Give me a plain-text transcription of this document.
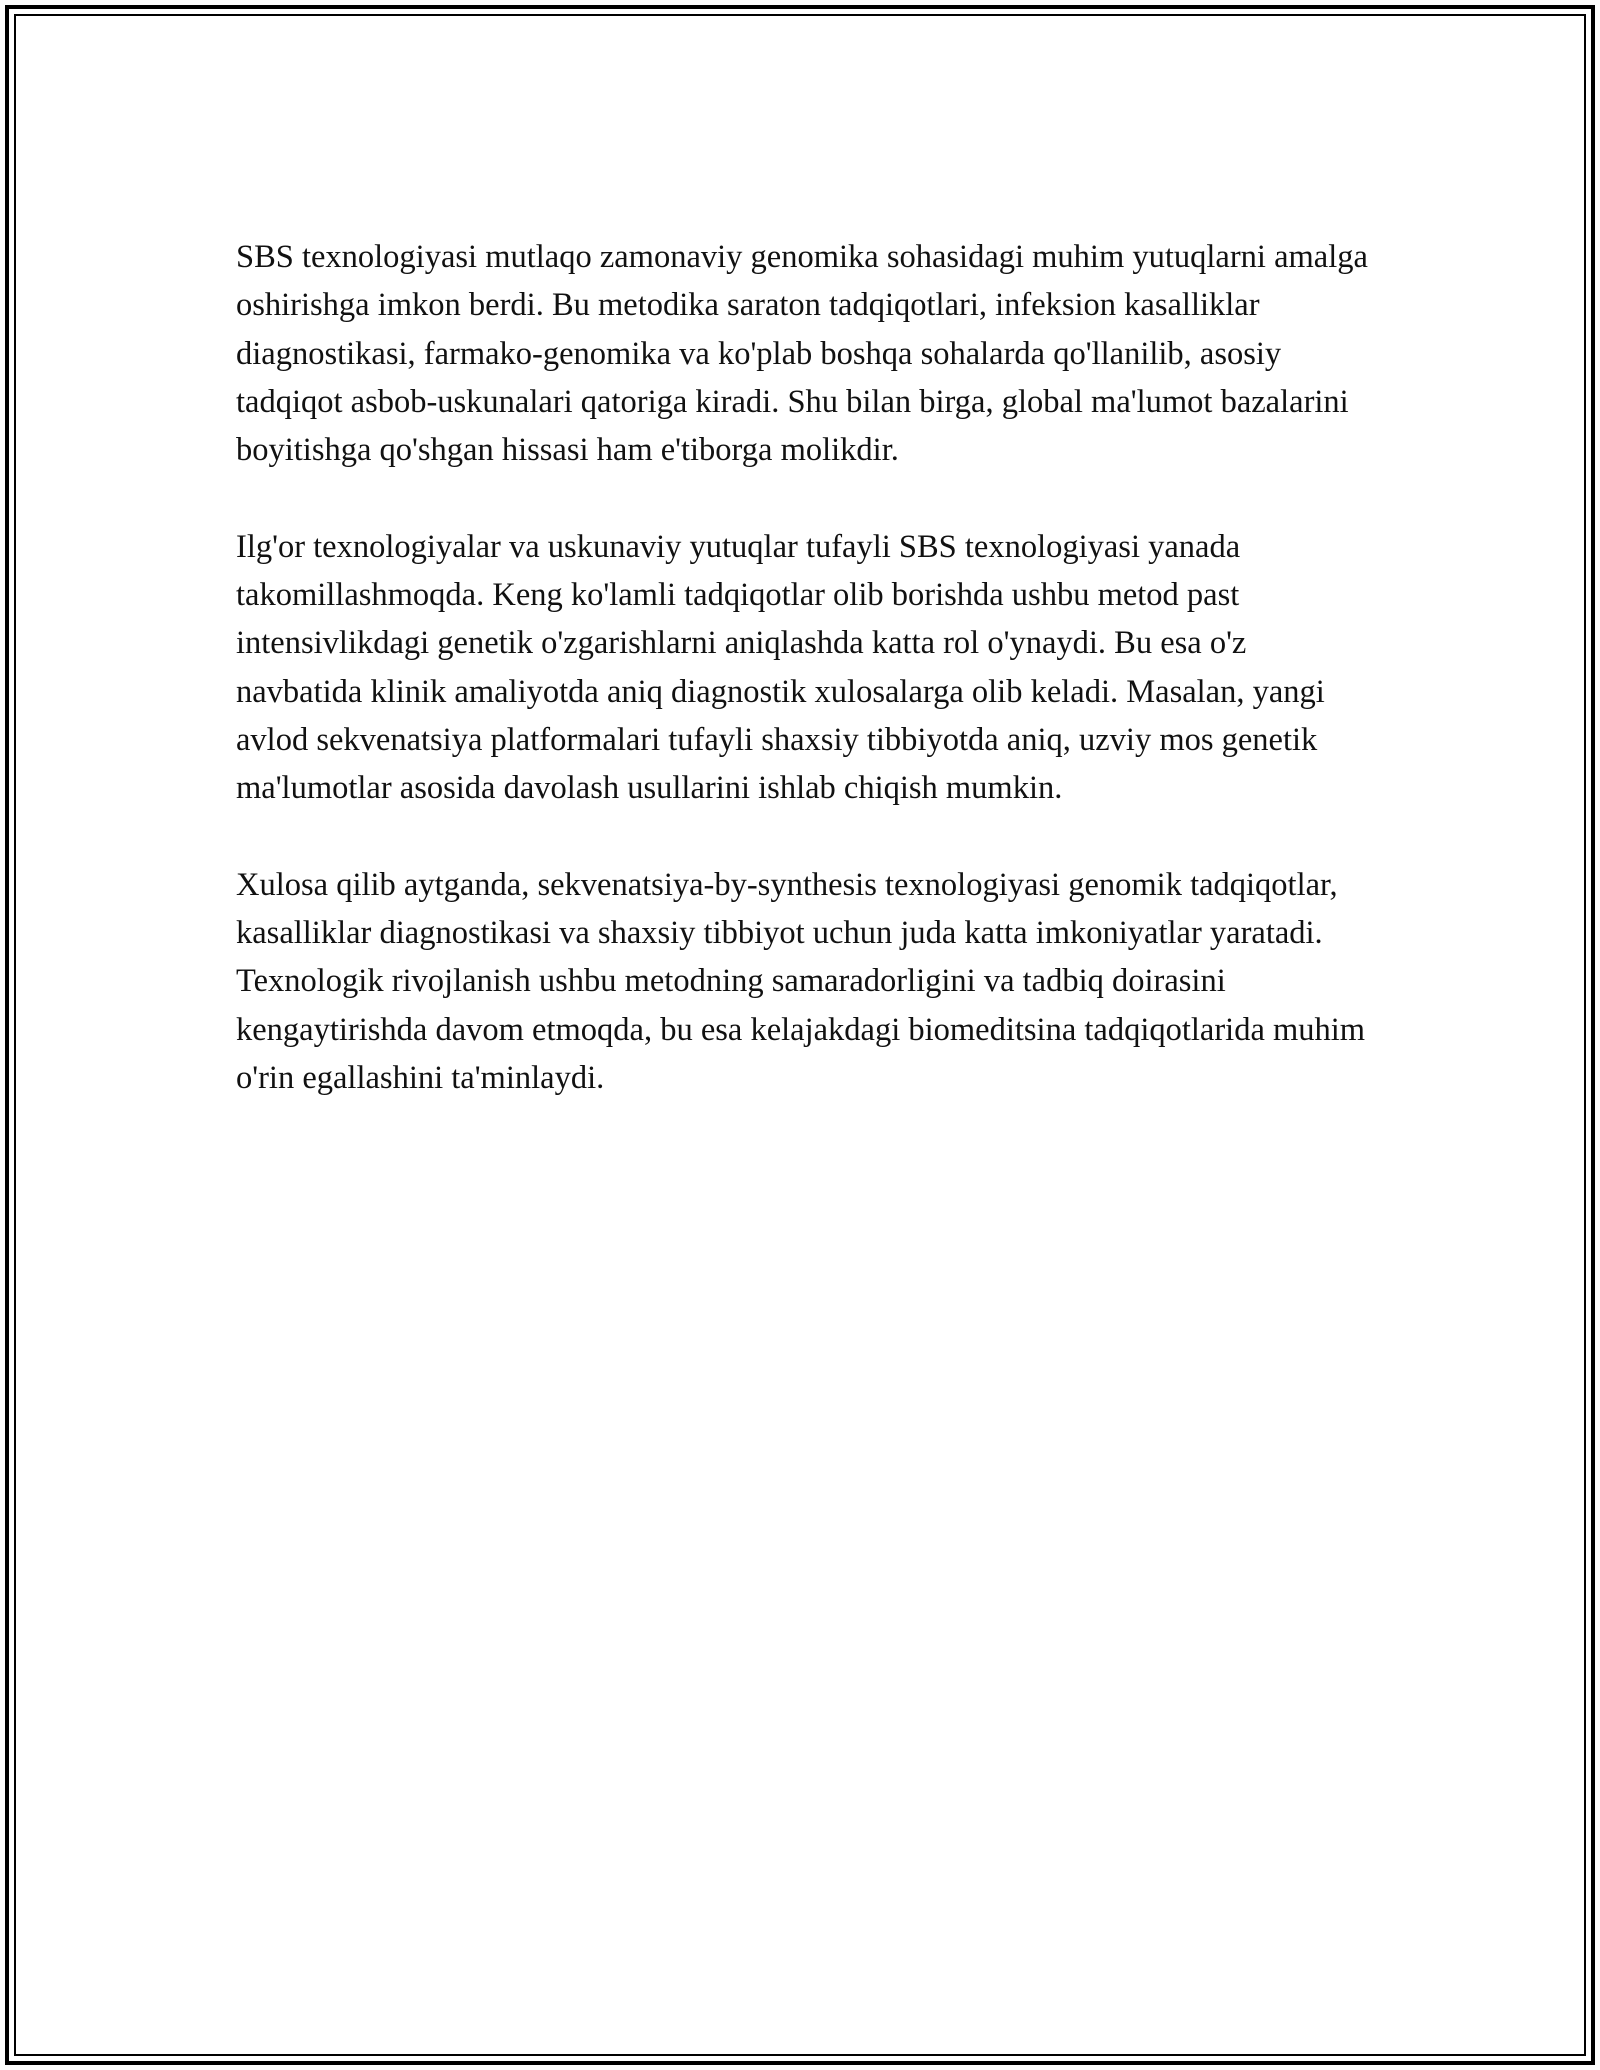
SBS texnologiyasi mutlaqo zamonaviy genomika sohasidagi muhim yutuqlarni amalga oshirishga imkon berdi. Bu metodika saraton tadqiqotlari, infeksion kasalliklar diagnostikasi, farmako-genomika va ko'plab boshqa sohalarda qo'llanilib, asosiy tadqiqot asbob-uskunalari qatoriga kiradi. Shu bilan birga, global ma'lumot bazalarini boyitishga qo'shgan hissasi ham e'tiborga molikdir.

Ilg'or texnologiyalar va uskunaviy yutuqlar tufayli SBS texnologiyasi yanada takomillashmoqda. Keng ko'lamli tadqiqotlar olib borishda ushbu metod past intensivlikdagi genetik o'zgarishlarni aniqlashda katta rol o'ynaydi. Bu esa o'z navbatida klinik amaliyotda aniq diagnostik xulosalarga olib keladi. Masalan, yangi avlod sekvenatsiya platformalari tufayli shaxsiy tibbiyotda aniq, uzviy mos genetik ma'lumotlar asosida davolash usullarini ishlab chiqish mumkin.

Xulosa qilib aytganda, sekvenatsiya-by-synthesis texnologiyasi genomik tadqiqotlar, kasalliklar diagnostikasi va shaxsiy tibbiyot uchun juda katta imkoniyatlar yaratadi. Texnologik rivojlanish ushbu metodning samaradorligini va tadbiq doirasini kengaytirishda davom etmoqda, bu esa kelajakdagi biomeditsina tadqiqotlarida muhim o'rin egallashini ta'minlaydi.
